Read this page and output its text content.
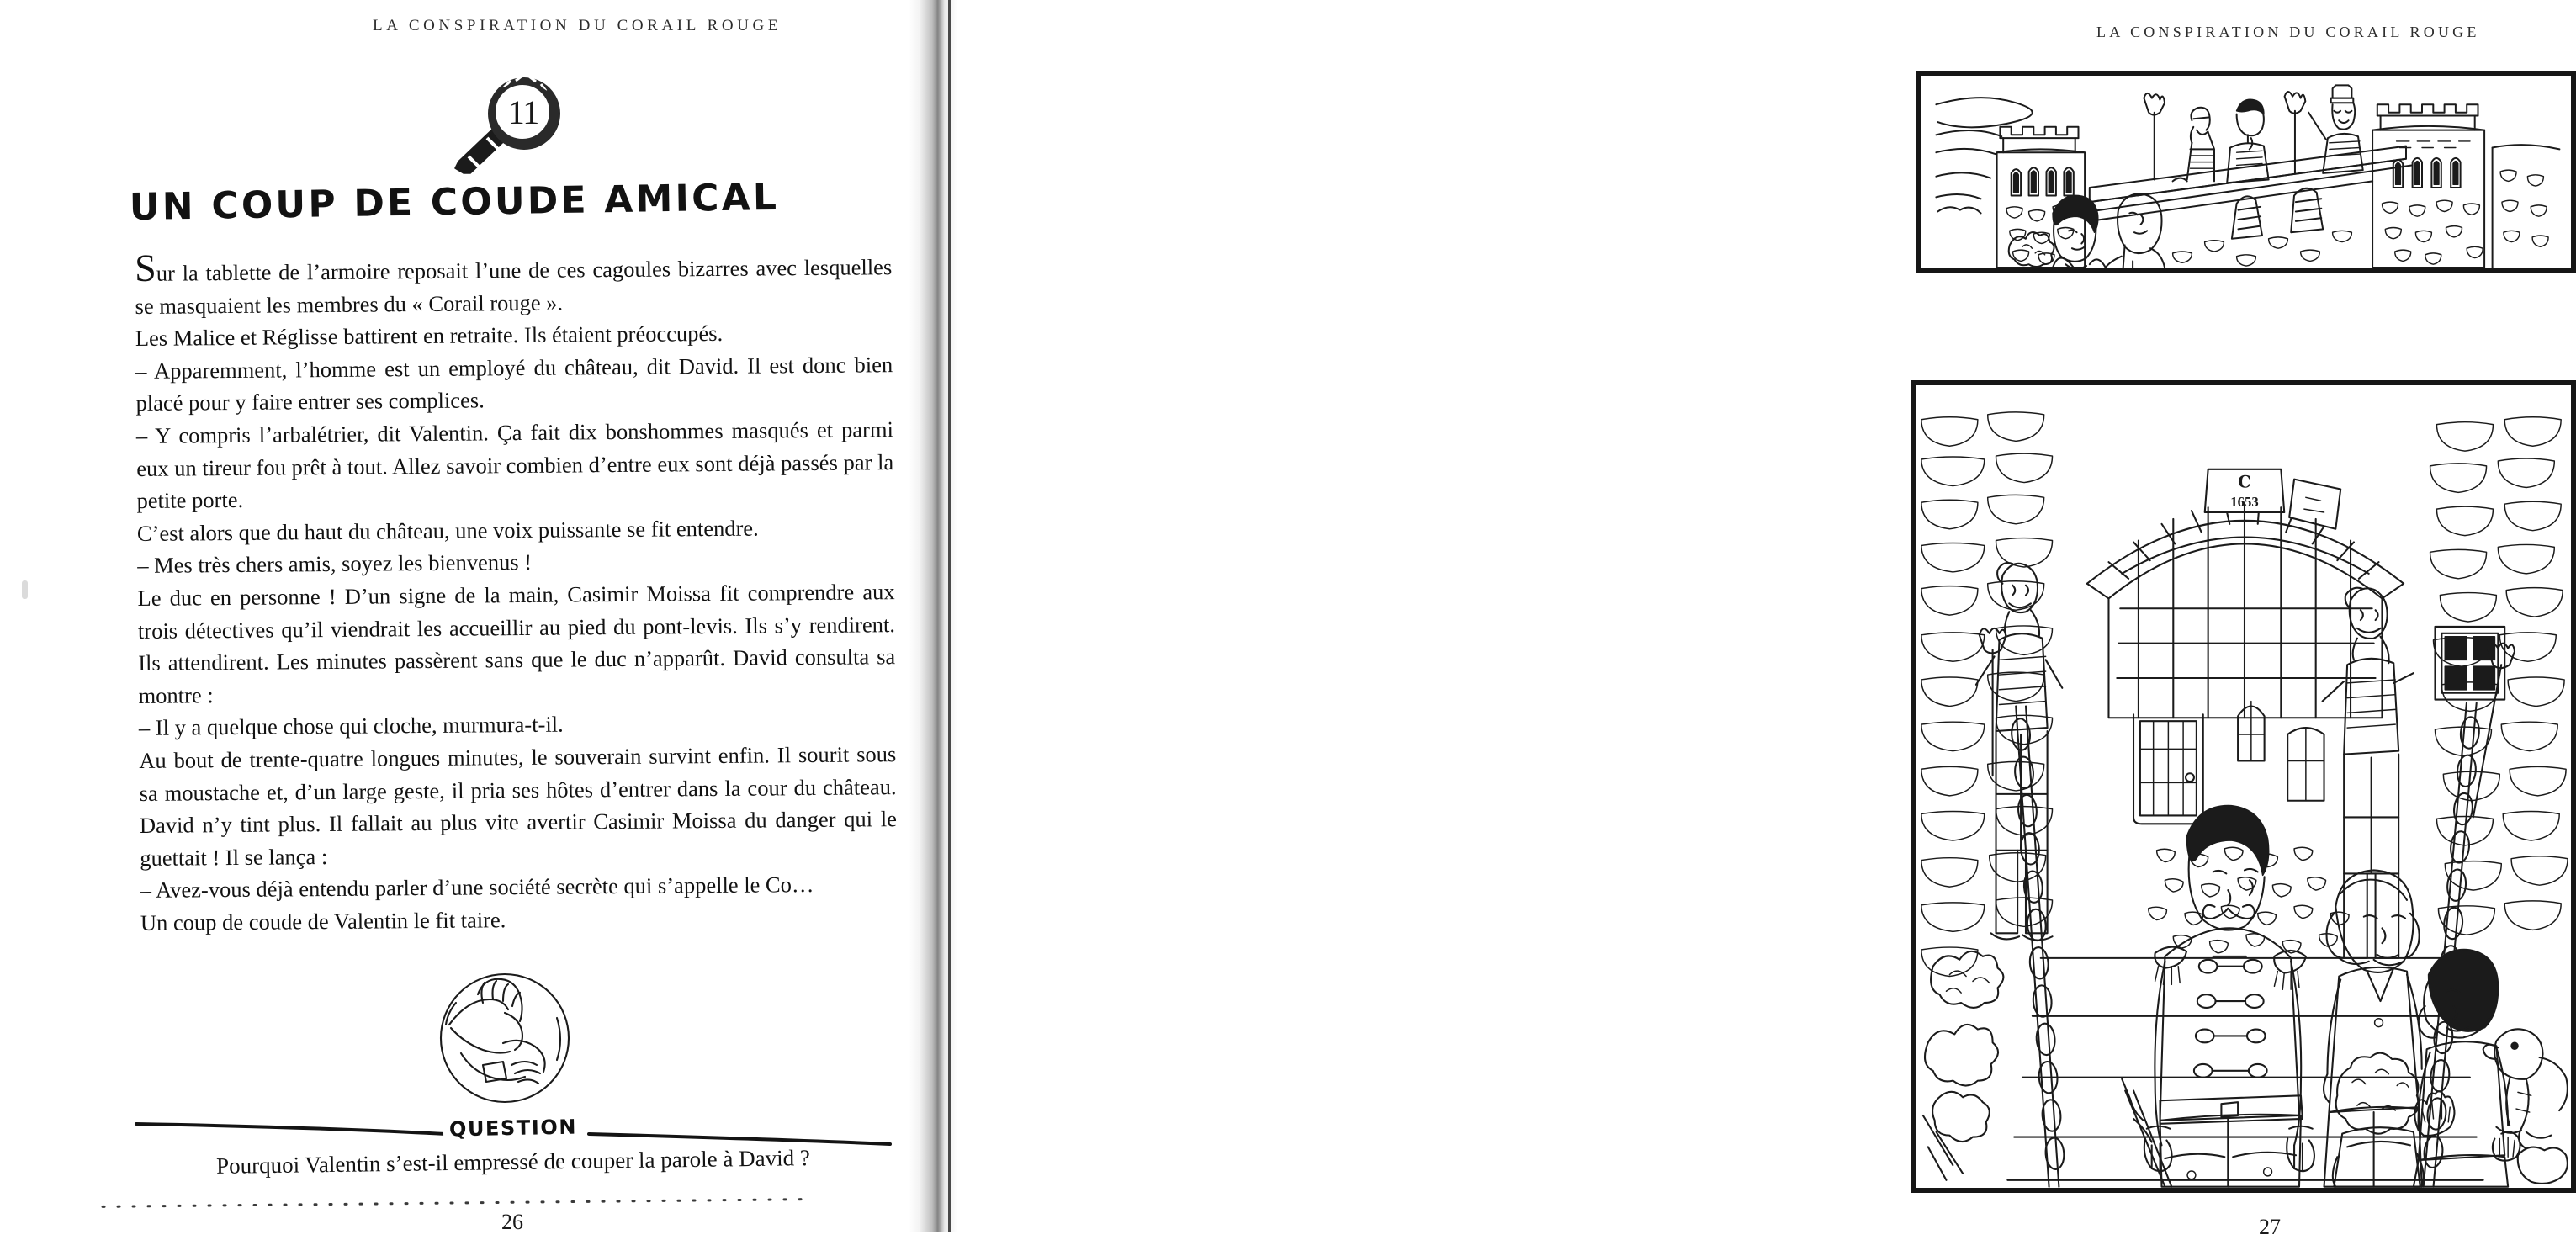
LA CONSPIRATION DU CORAIL ROUGE
11
UN COUP DE COUDE AMICAL

Sur la tablette de l’armoire reposait l’une de ces cagoules bizarres avec lesquelles se masquaient les membres du « Corail rouge ».

Les Malice et Réglisse battirent en retraite. Ils étaient préoccupés.

– Apparemment, l’homme est un employé du château, dit David. Il est donc bien placé pour y faire entrer ses complices.

– Y compris l’arbalétrier, dit Valentin. Ça fait dix bonshommes masqués et parmi eux un tireur fou prêt à tout. Allez savoir combien d’entre eux sont déjà passés par la petite porte.

C’est alors que du haut du château, une voix puissante se fit entendre.

– Mes très chers amis, soyez les bienvenus !

Le duc en personne ! D’un signe de la main, Casimir Moissa fit comprendre aux trois détectives qu’il viendrait les accueillir au pied du pont-levis. Ils s’y rendirent. Ils attendirent. Les minutes passèrent sans que le duc n’apparût. David consulta sa montre :

– Il y a quelque chose qui cloche, murmura-t-il.

Au bout de trente-quatre longues minutes, le souverain survint enfin. Il sourit sous sa moustache et, d’un large geste, il pria ses hôtes d’entrer dans la cour du château. David n’y tint plus. Il fallait au plus vite avertir Casimir Moissa du danger qui le guettait ! Il se lança :

– Avez-vous déjà entendu parler d’une société secrète qui s’appelle le Co…

Un coup de coude de Valentin le fit taire.

QUESTION
Pourquoi Valentin s’est-il empressé de couper la parole à David ?
26
LA CONSPIRATION DU CORAIL ROUGE
C
1653
27
